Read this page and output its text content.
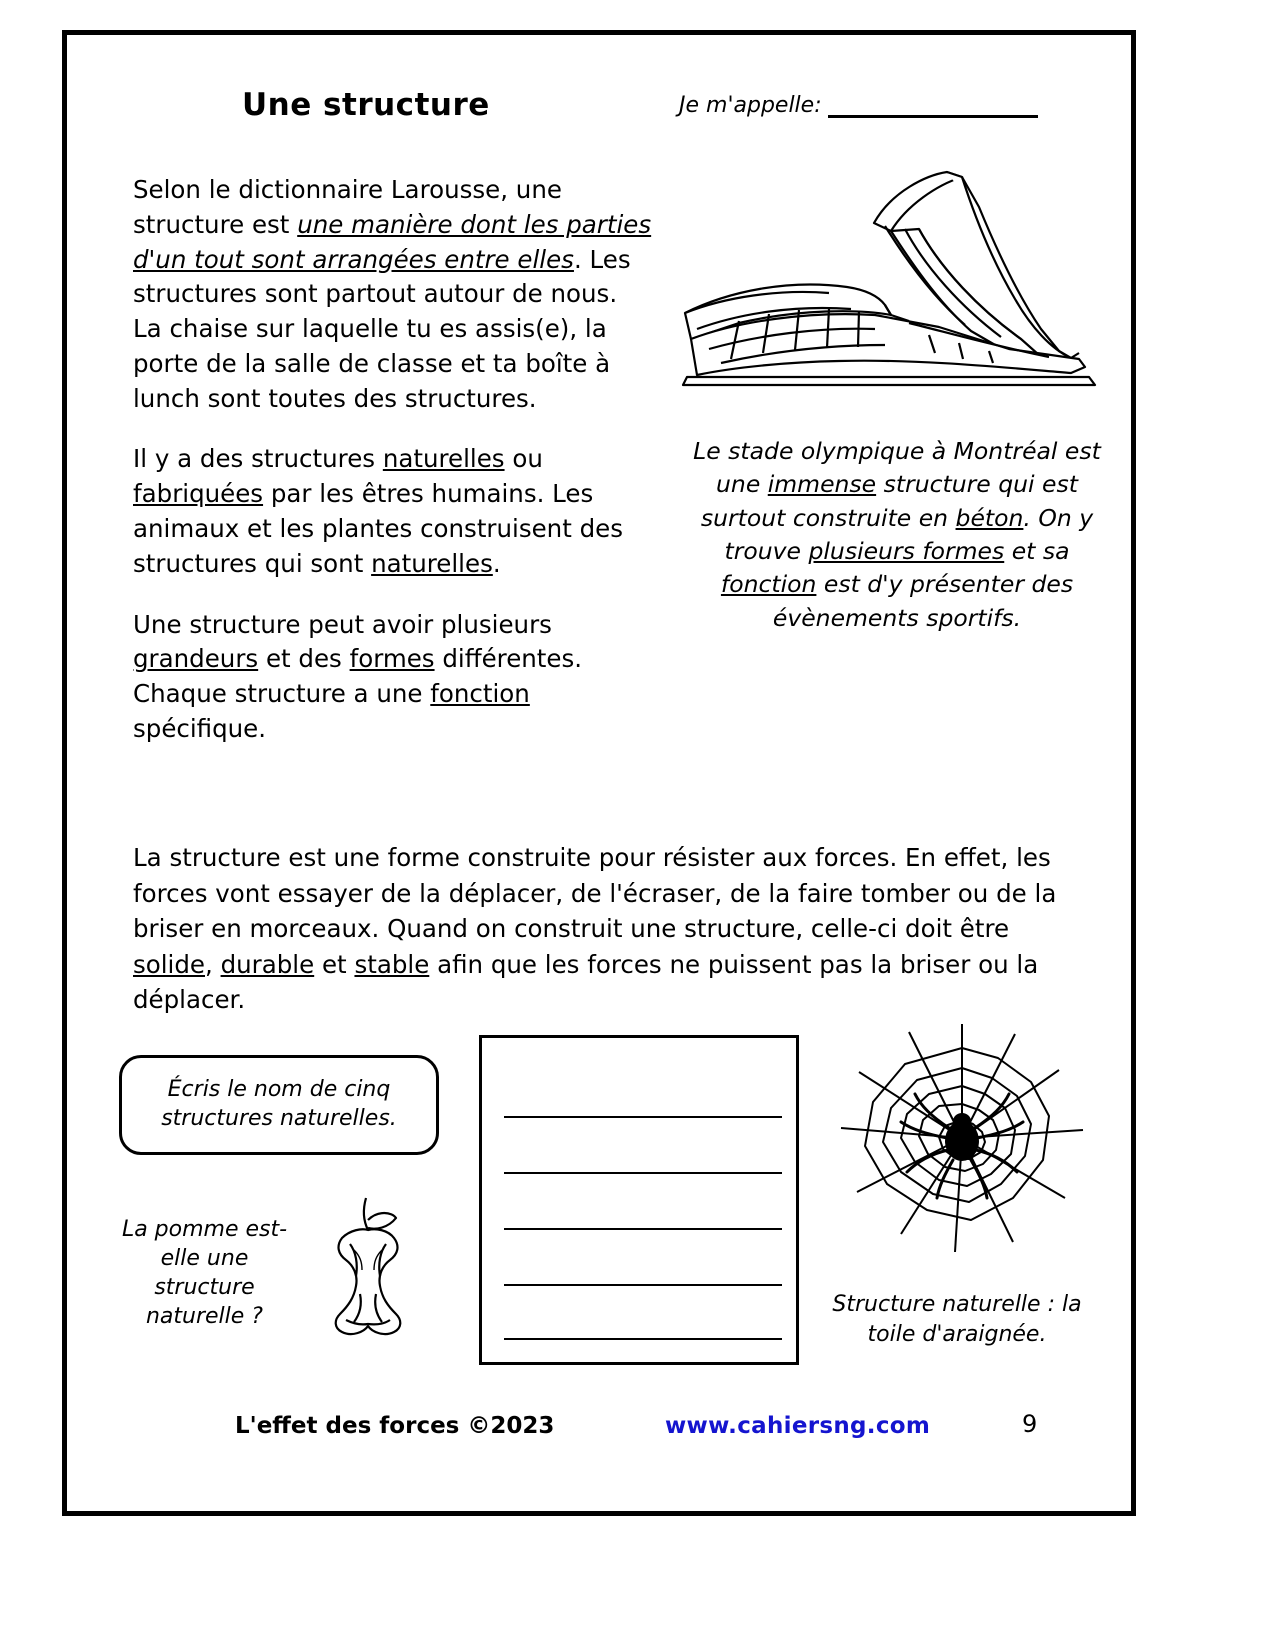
Une structure	Je m'appelle:

Selon le dictionnaire Larousse, une structure est une manière dont les parties d'un tout sont arrangées entre elles. Les structures sont partout autour de nous. La chaise sur laquelle tu es assis(e), la porte de la salle de classe et ta boîte à lunch sont toutes des structures.

Il y a des structures naturelles ou fabriquées par les êtres humains. Les animaux et les plantes construisent des structures qui sont naturelles.

Une structure peut avoir plusieurs grandeurs et des formes différentes. Chaque structure a une fonction spécifique.

Le stade olympique à Montréal est une immense structure qui est surtout construite en béton. On y trouve plusieurs formes et sa fonction est d'y présenter des évènements sportifs.
La structure est une forme construite pour résister aux forces. En effet, les forces vont essayer de la déplacer, de l'écraser, de la faire tomber ou de la briser en morceaux. Quand on construit une structure, celle-ci doit être solide, durable et stable afin que les forces ne puissent pas la briser ou la déplacer.
Écris le nom de cinq structures naturelles.
La pomme est-elle une structure naturelle ?	Structure naturelle : la toile d'araignée.
L'effet des forces ©2023	www.cahiersng.com	9
